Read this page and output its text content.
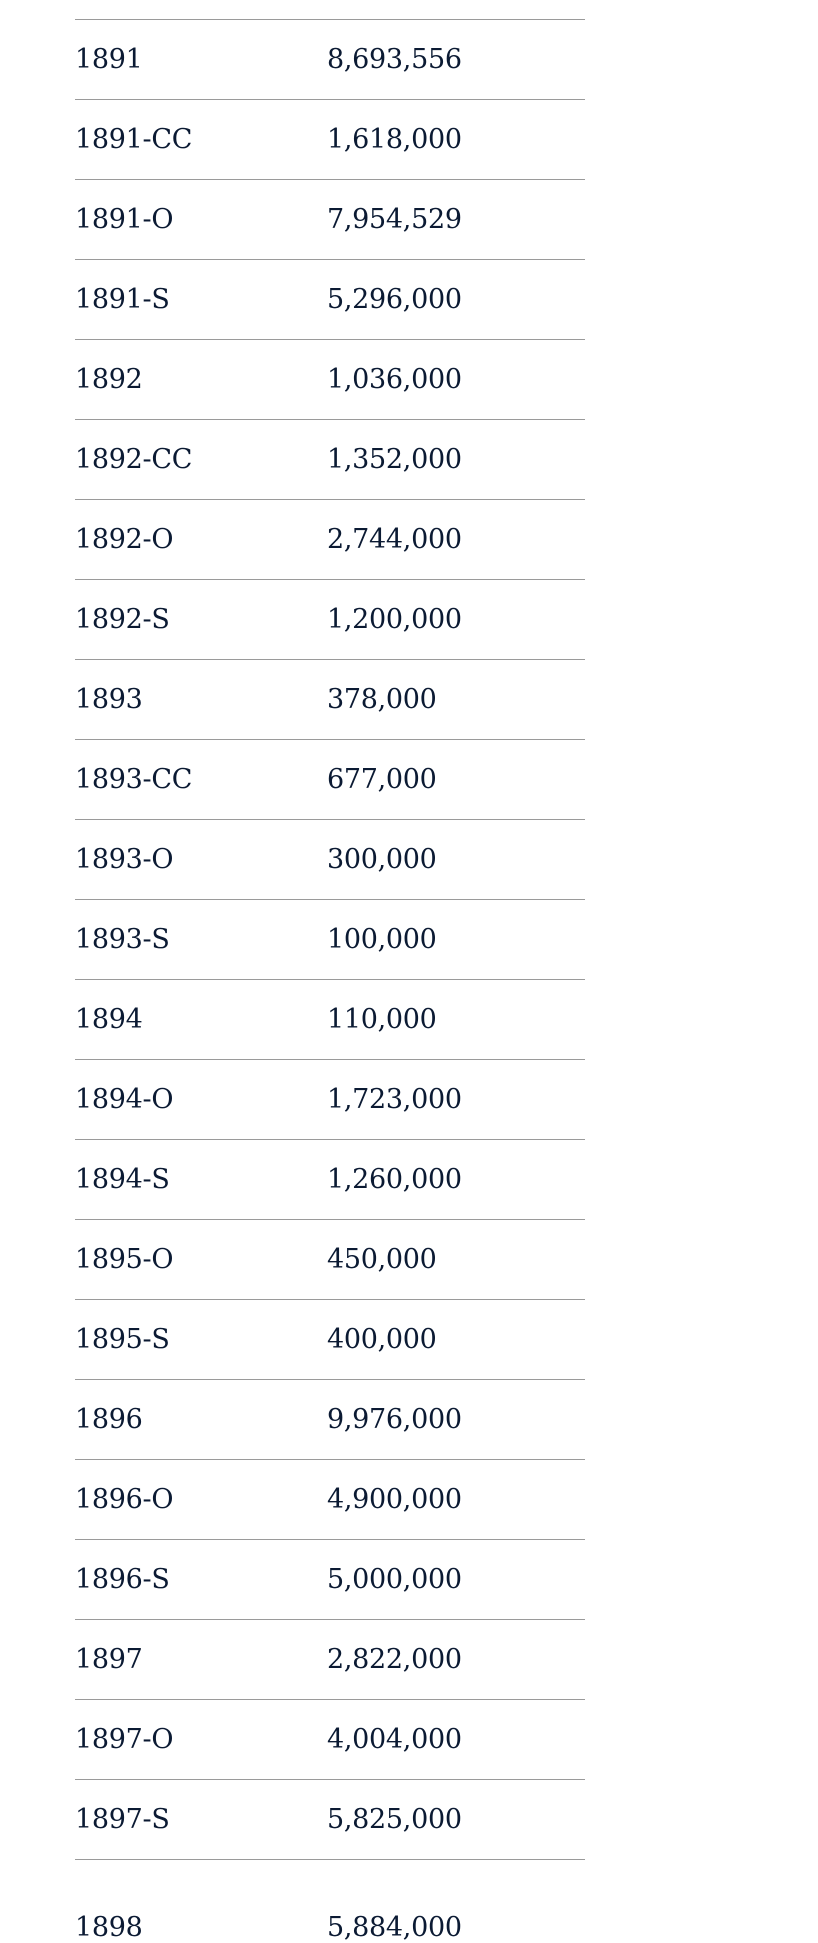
1891	8,693,556
1891-CC	1,618,000
1891-O	7,954,529
1891-S	5,296,000
1892	1,036,000
1892-CC	1,352,000
1892-O	2,744,000
1892-S	1,200,000
1893	378,000
1893-CC	677,000
1893-O	300,000
1893-S	100,000
1894	110,000
1894-O	1,723,000
1894-S	1,260,000
1895-O	450,000
1895-S	400,000
1896	9,976,000
1896-O	4,900,000
1896-S	5,000,000
1897	2,822,000
1897-O	4,004,000
1897-S	5,825,000
1898	5,884,000
